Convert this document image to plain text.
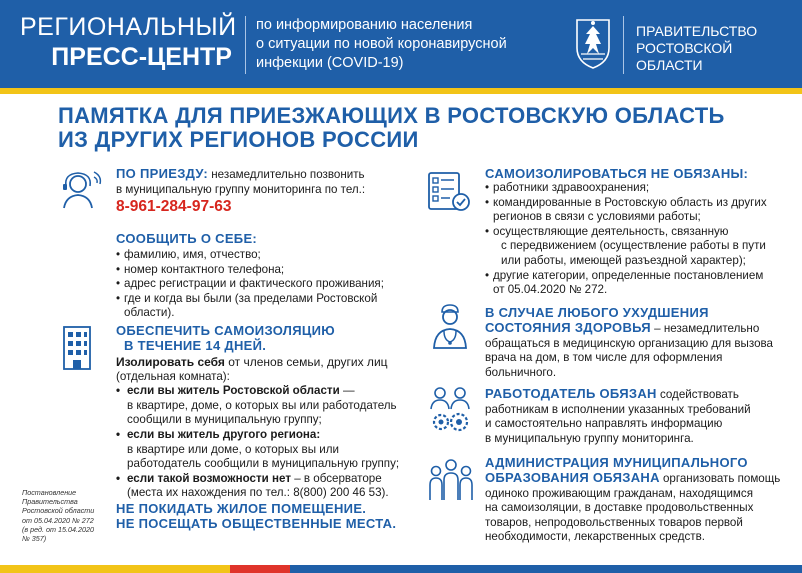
РЕГИОНАЛЬНЫЙ
ПРЕСС-ЦЕНТР
по информированию населения
о ситуации по новой коронавирусной
инфекции (COVID-19)
ПРАВИТЕЛЬСТВО
РОСТОВСКОЙ
ОБЛАСТИ
ПАМЯТКА ДЛЯ ПРИЕЗЖАЮЩИХ В РОСТОВСКУЮ ОБЛАСТЬ
ИЗ ДРУГИХ РЕГИОНОВ РОССИИ

ПО ПРИЕЗДУ: незамедлительно позвонить

в муниципальную группу мониторинга по тел.:

8-961-284-97-63

СООБЩИТЬ О СЕБЕ:

• фамилию, имя, отчество;
• номер контактного телефона;
• адрес регистрации и фактического проживания;
• где и когда вы были (за пределами Ростовской

области).

ОБЕСПЕЧИТЬ САМОИЗОЛЯЦИЮ

В ТЕЧЕНИЕ 14 ДНЕЙ.

Изолировать себя от членов семьи, других лиц

(отдельная комната):

• если вы житель Ростовской области —

в квартире, доме, о которых вы или работодатель

сообщили в муниципальную группу;

• если вы житель другого региона:

в квартире или доме, о которых вы или

работодатель сообщили в муниципальную группу;

• если такой возможности нет – в обсерваторе

(места их нахождения по тел.: 8(800) 200 46 53).

НЕ ПОКИДАТЬ ЖИЛОЕ ПОМЕЩЕНИЕ.

НЕ ПОСЕЩАТЬ ОБЩЕСТВЕННЫЕ МЕСТА.

Постановление
Правительства
Ростовской области
от 05.04.2020 № 272
(в ред. от 15.04.2020
№ 357)

САМОИЗОЛИРОВАТЬСЯ НЕ ОБЯЗАНЫ:

• работники здравоохранения;
• командированные в Ростовскую область из других

регионов в связи с условиями работы;

• осуществляющие деятельность, связанную

с передвижением (осуществление работы в пути

или работы, имеющей разъездной характер);

• другие категории, определенные постановлением

от 05.04.2020 № 272.

В СЛУЧАЕ ЛЮБОГО УХУДШЕНИЯ

СОСТОЯНИЯ ЗДОРОВЬЯ – незамедлительно

обращаться в медицинскую организацию для вызова

врача на дом, в том числе для оформления

больничного.

РАБОТОДАТЕЛЬ ОБЯЗАН содействовать

работникам в исполнении указанных требований

и самостоятельно направлять информацию

в муниципальную группу мониторинга.

АДМИНИСТРАЦИЯ МУНИЦИПАЛЬНОГО

ОБРАЗОВАНИЯ ОБЯЗАНА организовать помощь

одиноко проживающим гражданам, находящимся

на самоизоляции, в доставке продовольственных

товаров, непродовольственных товаров первой

необходимости, лекарственных средств.
